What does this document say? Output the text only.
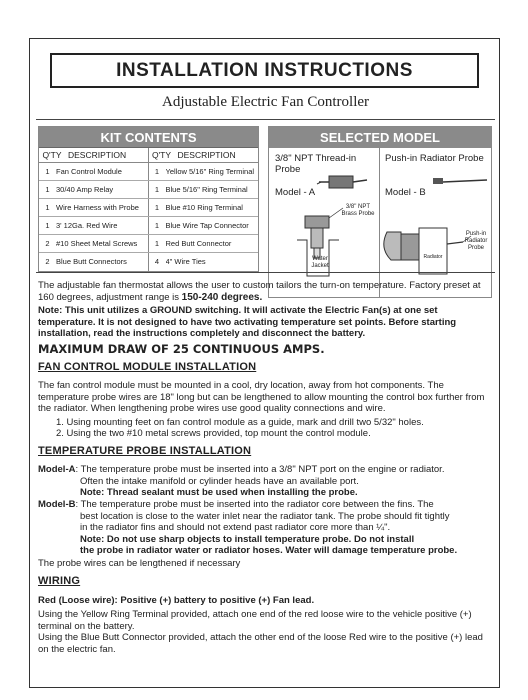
INSTALLATION INSTRUCTIONS
Adjustable Electric Fan Controller
KIT CONTENTS
Q'TY DESCRIPTION	Q'TY DESCRIPTION
1 Fan Control Module	1 Yellow 5/16" Ring Terminal
1 30/40 Amp Relay	1 Blue 5/16" Ring Terminal
1 Wire Harness with Probe	1 Blue #10 Ring Terminal
1 3' 12Ga. Red Wire	1 Blue Wire Tap Connector
2 #10 Sheet Metal Screws	1 Red Butt Connector
2 Blue Butt Connectors	4 4" Wire Ties
SELECTED MODEL
3/8" NPT Thread-in Probe
Model - A
3/8" NPT Brass Probe
Water Jacket
Push-in Radiator Probe
Model - B
Radiator
Push-in Radiator Probe
The adjustable fan thermostat allows the user to custom tailors the turn-on temperature. Factory preset at 160 degrees, adjustment range is 150-240 degrees.
Note: This unit utilizes a GROUND switching. It will activate the Electric Fan(s) at one set temperature. It is not designed to have two activating temperature set points. Before starting installation, read the instructions completely and disconnect the battery.
MAXIMUM DRAW OF 25 CONTINUOUS AMPS.
FAN CONTROL MODULE INSTALLATION
The fan control module must be mounted in a cool, dry location, away from hot components. The temperature probe wires are 18" long but can be lengthened to allow mounting the control box further from the radiator. When lengthening probe wires use good quality connections and wire.
1. Using mounting feet on fan control module as a guide, mark and drill two 5/32" holes.
2. Using the two #10 metal screws provided, top mount the control module.
TEMPERATURE PROBE INSTALLATION
Model-A: The temperature probe must be inserted into a 3/8" NPT port on the engine or radiator.
Often the intake manifold or cylinder heads have an available port.
Note: Thread sealant must be used when installing the probe.
Model-B: The temperature probe must be inserted into the radiator core between the fins. The
best location is close to the water inlet near the radiator tank. The probe should fit tightly
in the radiator fins and should not extend past radiator core more than ¼".
Note: Do not use sharp objects to install temperature probe. Do not install
the probe in radiator water or radiator hoses. Water will damage temperature probe.
The probe wires can be lengthened if necessary
WIRING
Red (Loose wire): Positive (+) battery to positive (+) Fan lead.
Using the Yellow Ring Terminal provided, attach one end of the red loose wire to the vehicle positive (+) terminal on the battery.
Using the Blue Butt Connector provided, attach the other end of the loose Red wire to the positive (+) lead on the electric fan.
